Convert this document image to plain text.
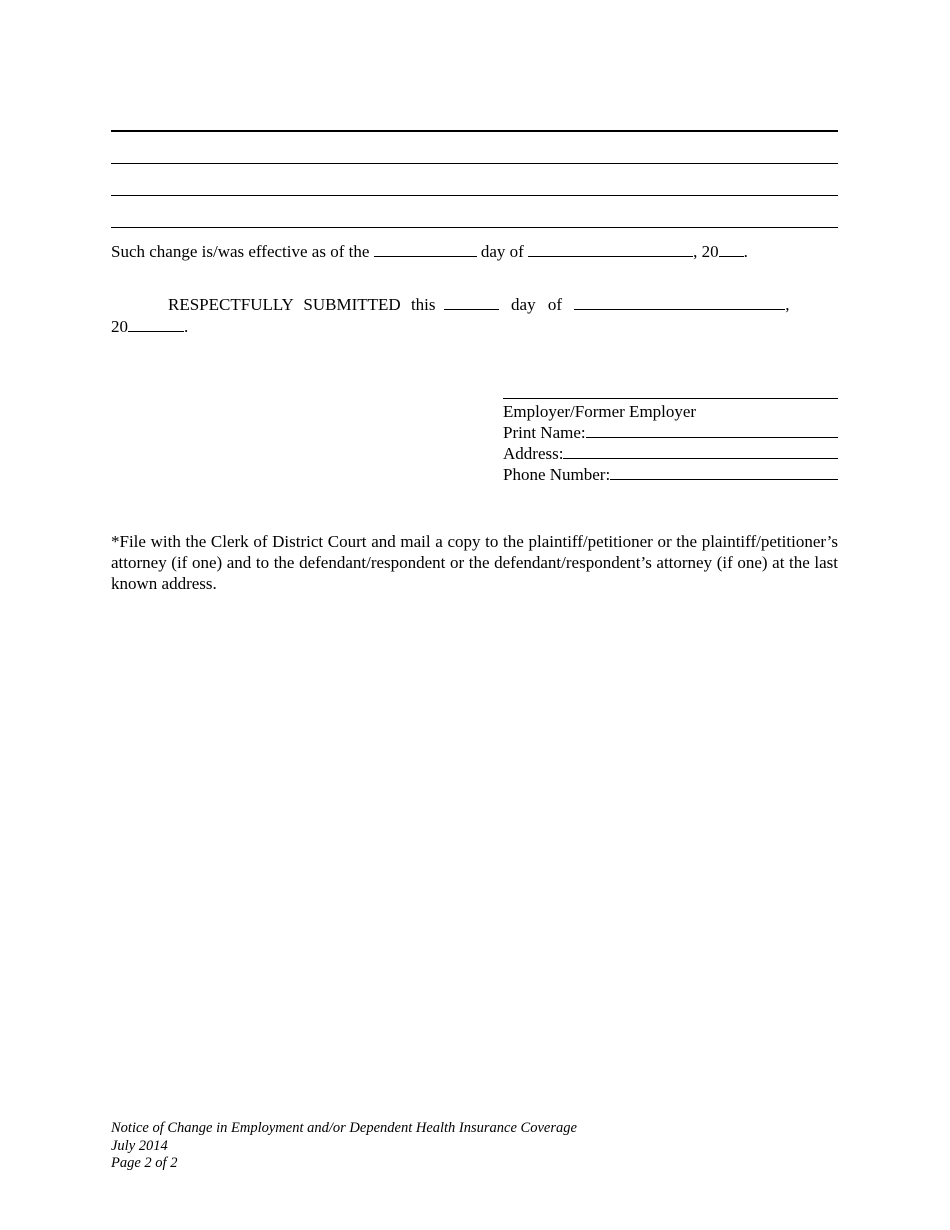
Such change is/was effective as of the	day of	, 20 .
RESPECTFULLY SUBMITTED this	day of	,
20	.
Employer/Former Employer
Print Name:
Address:
Phone Number:
*File with the Clerk of District Court and mail a copy to the plaintiff/petitioner or the plaintiff/petitioner’s attorney (if one) and to the defendant/respondent or the defendant/respondent’s attorney (if one) at the last known address.
Notice of Change in Employment and/or Dependent Health Insurance Coverage
July 2014
Page 2 of 2
